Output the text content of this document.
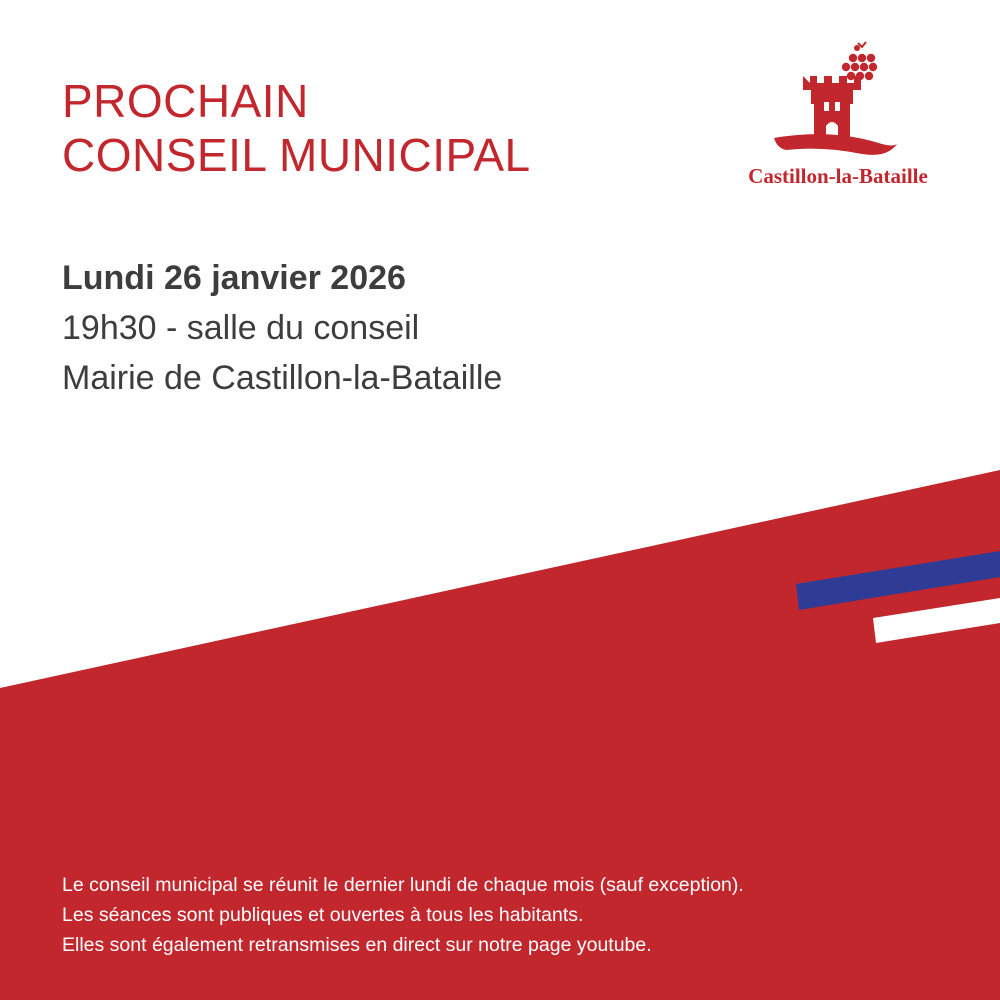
PROCHAIN
CONSEIL MUNICIPAL	Castillon-la-Bataille
Lundi 26 janvier 2026
19h30 - salle du conseil
Mairie de Castillon-la-Bataille
Le conseil municipal se réunit le dernier lundi de chaque mois (sauf exception).
Les séances sont publiques et ouvertes à tous les habitants.
Elles sont également retransmises en direct sur notre page youtube.
